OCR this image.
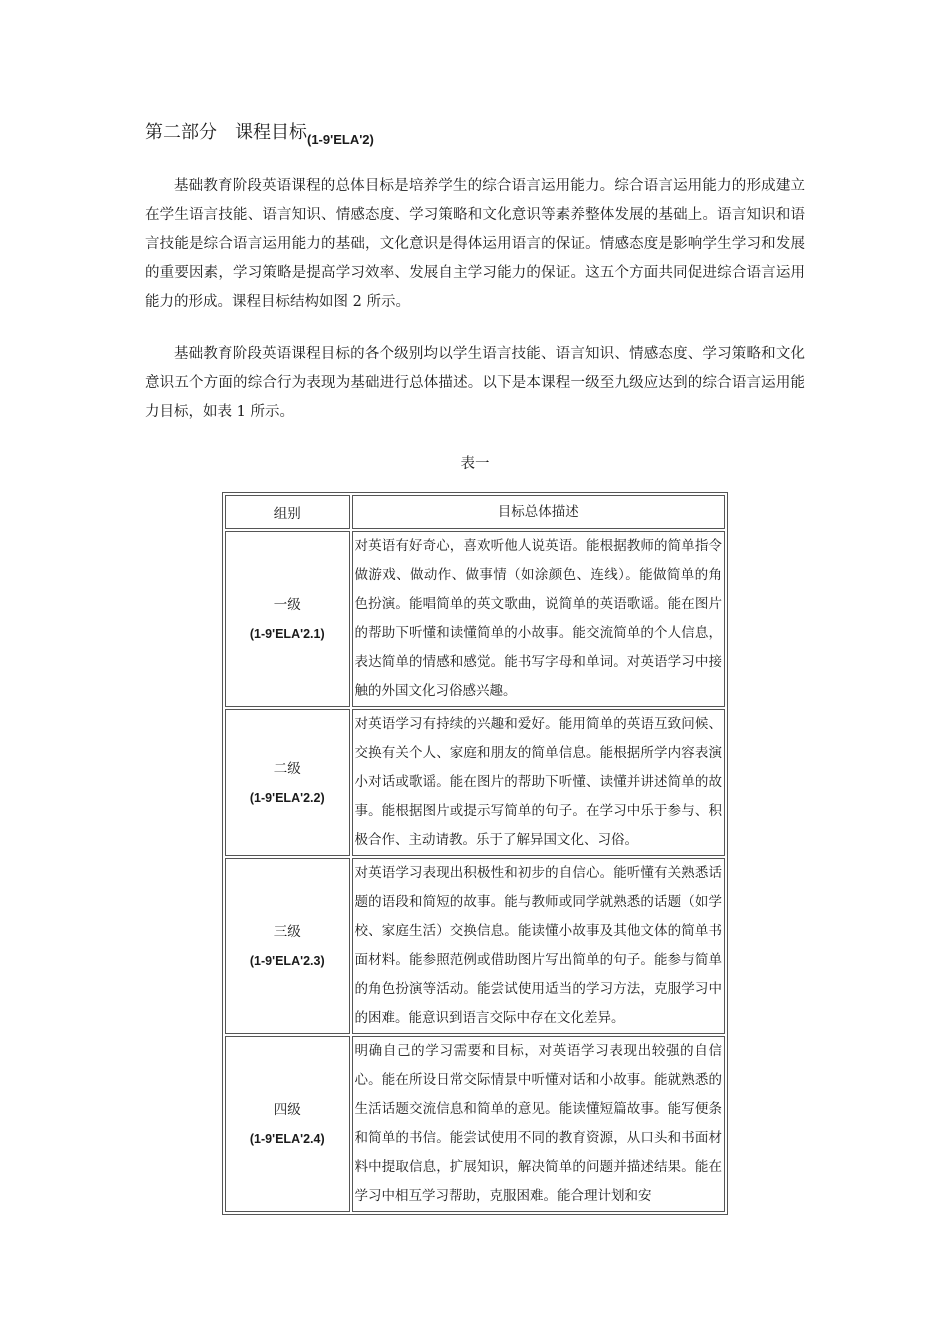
第二部分　课程目标$_{(1-9'ELA'2)}$

基础教育阶段英语课程的总体目标是培养学生的综合语言运用能力。综合语言运用能力的形成建立在学生语言技能、语言知识、情感态度、学习策略和文化意识等素养整体发展的基础上。语言知识和语言技能是综合语言运用能力的基础，文化意识是得体运用语言的保证。情感态度是影响学生学习和发展的重要因素，学习策略是提高学习效率、发展自主学习能力的保证。这五个方面共同促进综合语言运用能力的形成。课程目标结构如图 2 所示。

基础教育阶段英语课程目标的各个级别均以学生语言技能、语言知识、情感态度、学习策略和文化意识五个方面的综合行为表现为基础进行总体描述。以下是本课程一级至九级应达到的综合语言运用能力目标，如表 1 所示。

表一
组别	目标总体描述

一级
(1-9'ELA'2.1)	对英语有好奇心，喜欢听他人说英语。能根据教师的简单指令做游戏、做动作、做事情（如涂颜色、连线）。能做简单的角色扮演。能唱简单的英文歌曲，说简单的英语歌谣。能在图片的帮助下听懂和读懂简单的小故事。能交流简单的个人信息，表达简单的情感和感觉。能书写字母和单词。对英语学习中接触的外国文化习俗感兴趣。

二级
(1-9'ELA'2.2)	对英语学习有持续的兴趣和爱好。能用简单的英语互致问候、交换有关个人、家庭和朋友的简单信息。能根据所学内容表演小对话或歌谣。能在图片的帮助下听懂、读懂并讲述简单的故事。能根据图片或提示写简单的句子。在学习中乐于参与、积极合作、主动请教。乐于了解异国文化、习俗。

三级
(1-9'ELA'2.3)	对英语学习表现出积极性和初步的自信心。能听懂有关熟悉话题的语段和简短的故事。能与教师或同学就熟悉的话题（如学校、家庭生活）交换信息。能读懂小故事及其他文体的简单书面材料。能参照范例或借助图片写出简单的句子。能参与简单的角色扮演等活动。能尝试使用适当的学习方法，克服学习中的困难。能意识到语言交际中存在文化差异。

四级
(1-9'ELA'2.4)	明确自己的学习需要和目标，对英语学习表现出较强的自信心。能在所设日常交际情景中听懂对话和小故事。能就熟悉的生活话题交流信息和简单的意见。能读懂短篇故事。能写便条和简单的书信。能尝试使用不同的教育资源，从口头和书面材料中提取信息，扩展知识，解决简单的问题并描述结果。能在学习中相互学习帮助，克服困难。能合理计划和安
